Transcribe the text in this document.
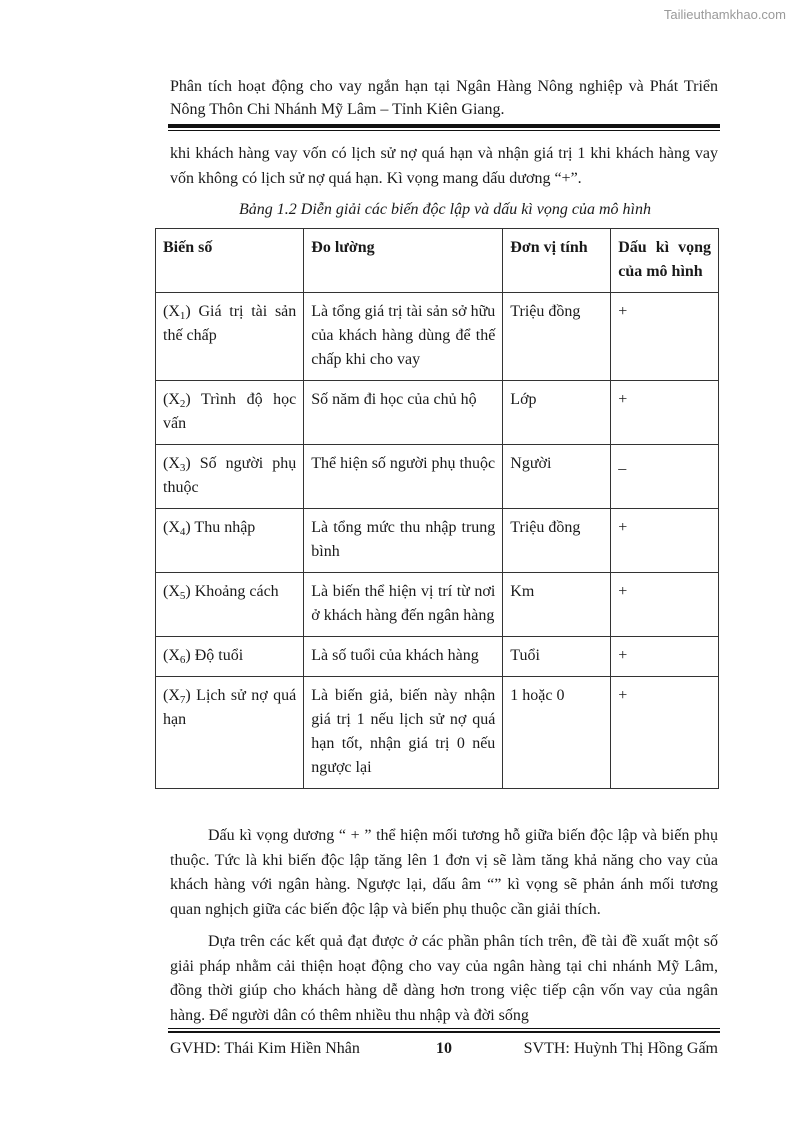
Tailieuthamkhao.com
Phân tích hoạt động cho vay ngắn hạn tại Ngân Hàng Nông nghiệp và Phát Triển Nông Thôn Chi Nhánh Mỹ Lâm – Tỉnh Kiên Giang.

khi khách hàng vay vốn có lịch sử nợ quá hạn và nhận giá trị 1 khi khách hàng vay vốn không có lịch sử nợ quá hạn. Kì vọng mang dấu dương “+”.

Bảng 1.2 Diễn giải các biến độc lập và dấu kì vọng của mô hình
Biến số	Đo lường	Đơn vị tính	Dấu kì vọng của mô hình
$(X_1)$ Giá trị tài sản thế chấp	Là tổng giá trị tài sản sở hữu của khách hàng dùng để thế chấp khi cho vay	Triệu đồng	+
$(X_2)$ Trình độ học vấn	Số năm đi học của chủ hộ	Lớp	+
$(X_3)$ Số người phụ thuộc	Thể hiện số người phụ thuộc	Người	_
$(X_4)$ Thu nhập	Là tổng mức thu nhập trung bình	Triệu đồng	+
$(X_5)$ Khoảng cách	Là biến thể hiện vị trí từ nơi ở khách hàng đến ngân hàng	Km	+
$(X_6)$ Độ tuổi	Là số tuổi của khách hàng	Tuổi	+
$(X_7)$ Lịch sử nợ quá hạn	Là biến giả, biến này nhận giá trị 1 nếu lịch sử nợ quá hạn tốt, nhận giá trị 0 nếu ngược lại	1 hoặc 0	+

Dấu kì vọng dương “ + ” thể hiện mối tương hỗ giữa biến độc lập và biến phụ thuộc. Tức là khi biến độc lập tăng lên 1 đơn vị sẽ làm tăng khả năng cho vay của khách hàng với ngân hàng. Ngược lại, dấu âm “” kì vọng sẽ phản ánh mối tương quan nghịch giữa các biến độc lập và biến phụ thuộc cần giải thích.

Dựa trên các kết quả đạt được ở các phần phân tích trên, đề tài đề xuất một số giải pháp nhằm cải thiện hoạt động cho vay của ngân hàng tại chi nhánh Mỹ Lâm, đồng thời giúp cho khách hàng dễ dàng hơn trong việc tiếp cận vốn vay của ngân hàng. Để người dân có thêm nhiều thu nhập và đời sống

GVHD: Thái Kim Hiền Nhân	10	SVTH: Huỳnh Thị Hồng Gấm
